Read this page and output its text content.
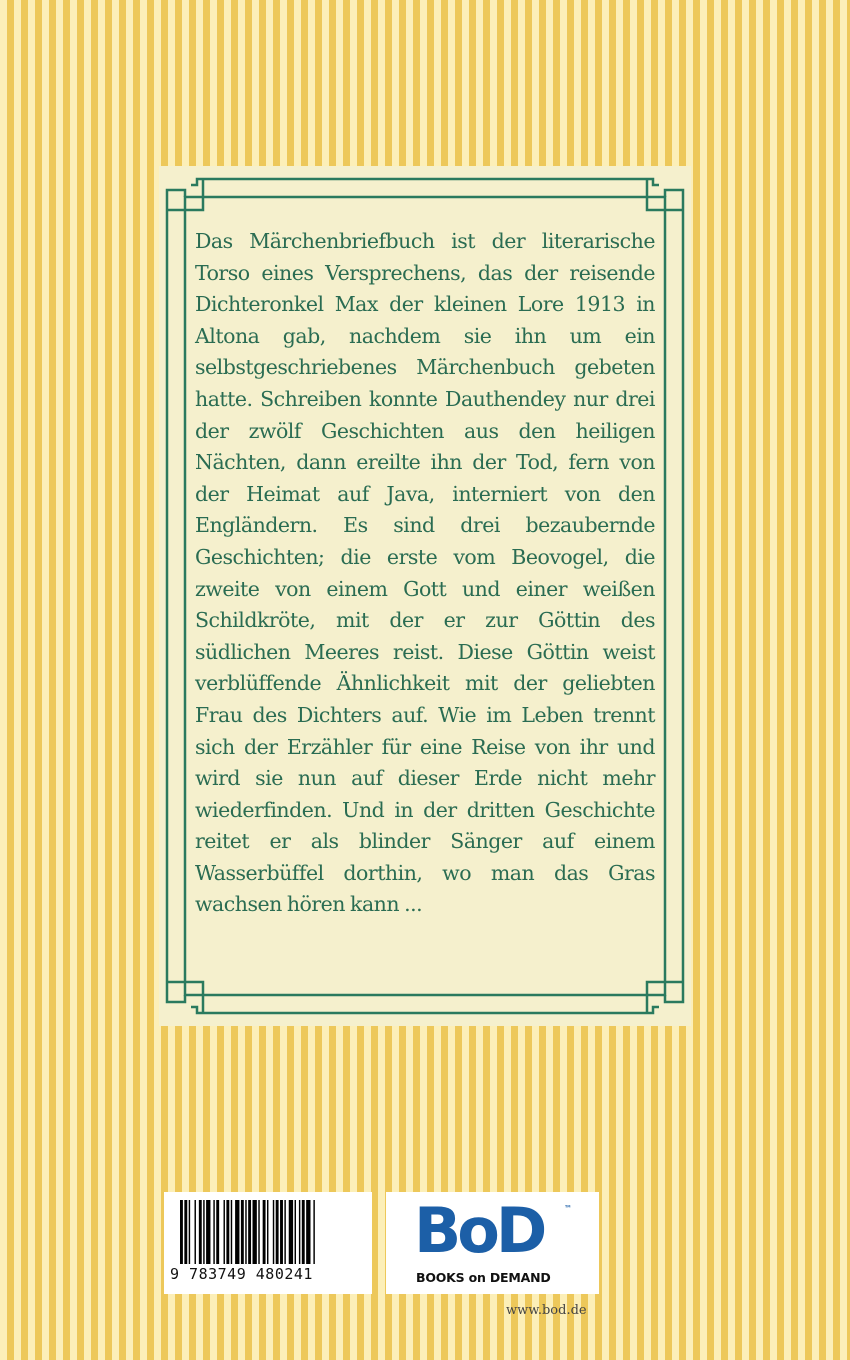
Das Märchenbriefbuch ist der literarische Torso eines Versprechens, das der reisende Dichteronkel Max der kleinen Lore 1913 in Altona gab, nachdem sie ihn um ein selbstgeschriebenes Märchenbuch gebeten hatte. Schreiben konnte Dauthendey nur drei der zwölf Geschichten aus den heiligen Nächten, dann ereilte ihn der Tod, fern von der Heimat auf Java, interniert von den Engländern. Es sind drei bezaubernde Geschichten; die erste vom Beovogel, die zweite von einem Gott und einer weißen Schildkröte, mit der er zur Göttin des südlichen Meeres reist. Diese Göttin weist verblüffende Ähnlichkeit mit der geliebten Frau des Dichters auf. Wie im Leben trennt sich der Erzähler für eine Reise von ihr und wird sie nun auf dieser Erde nicht mehr wiederfinden. Und in der dritten Geschichte reitet er als blinder Sänger auf einem Wasserbüffel dorthin, wo man das Gras wachsen hören kann ...

9 783749 480241
BoD	™
BOOKS on DEMAND
www.bod.de
